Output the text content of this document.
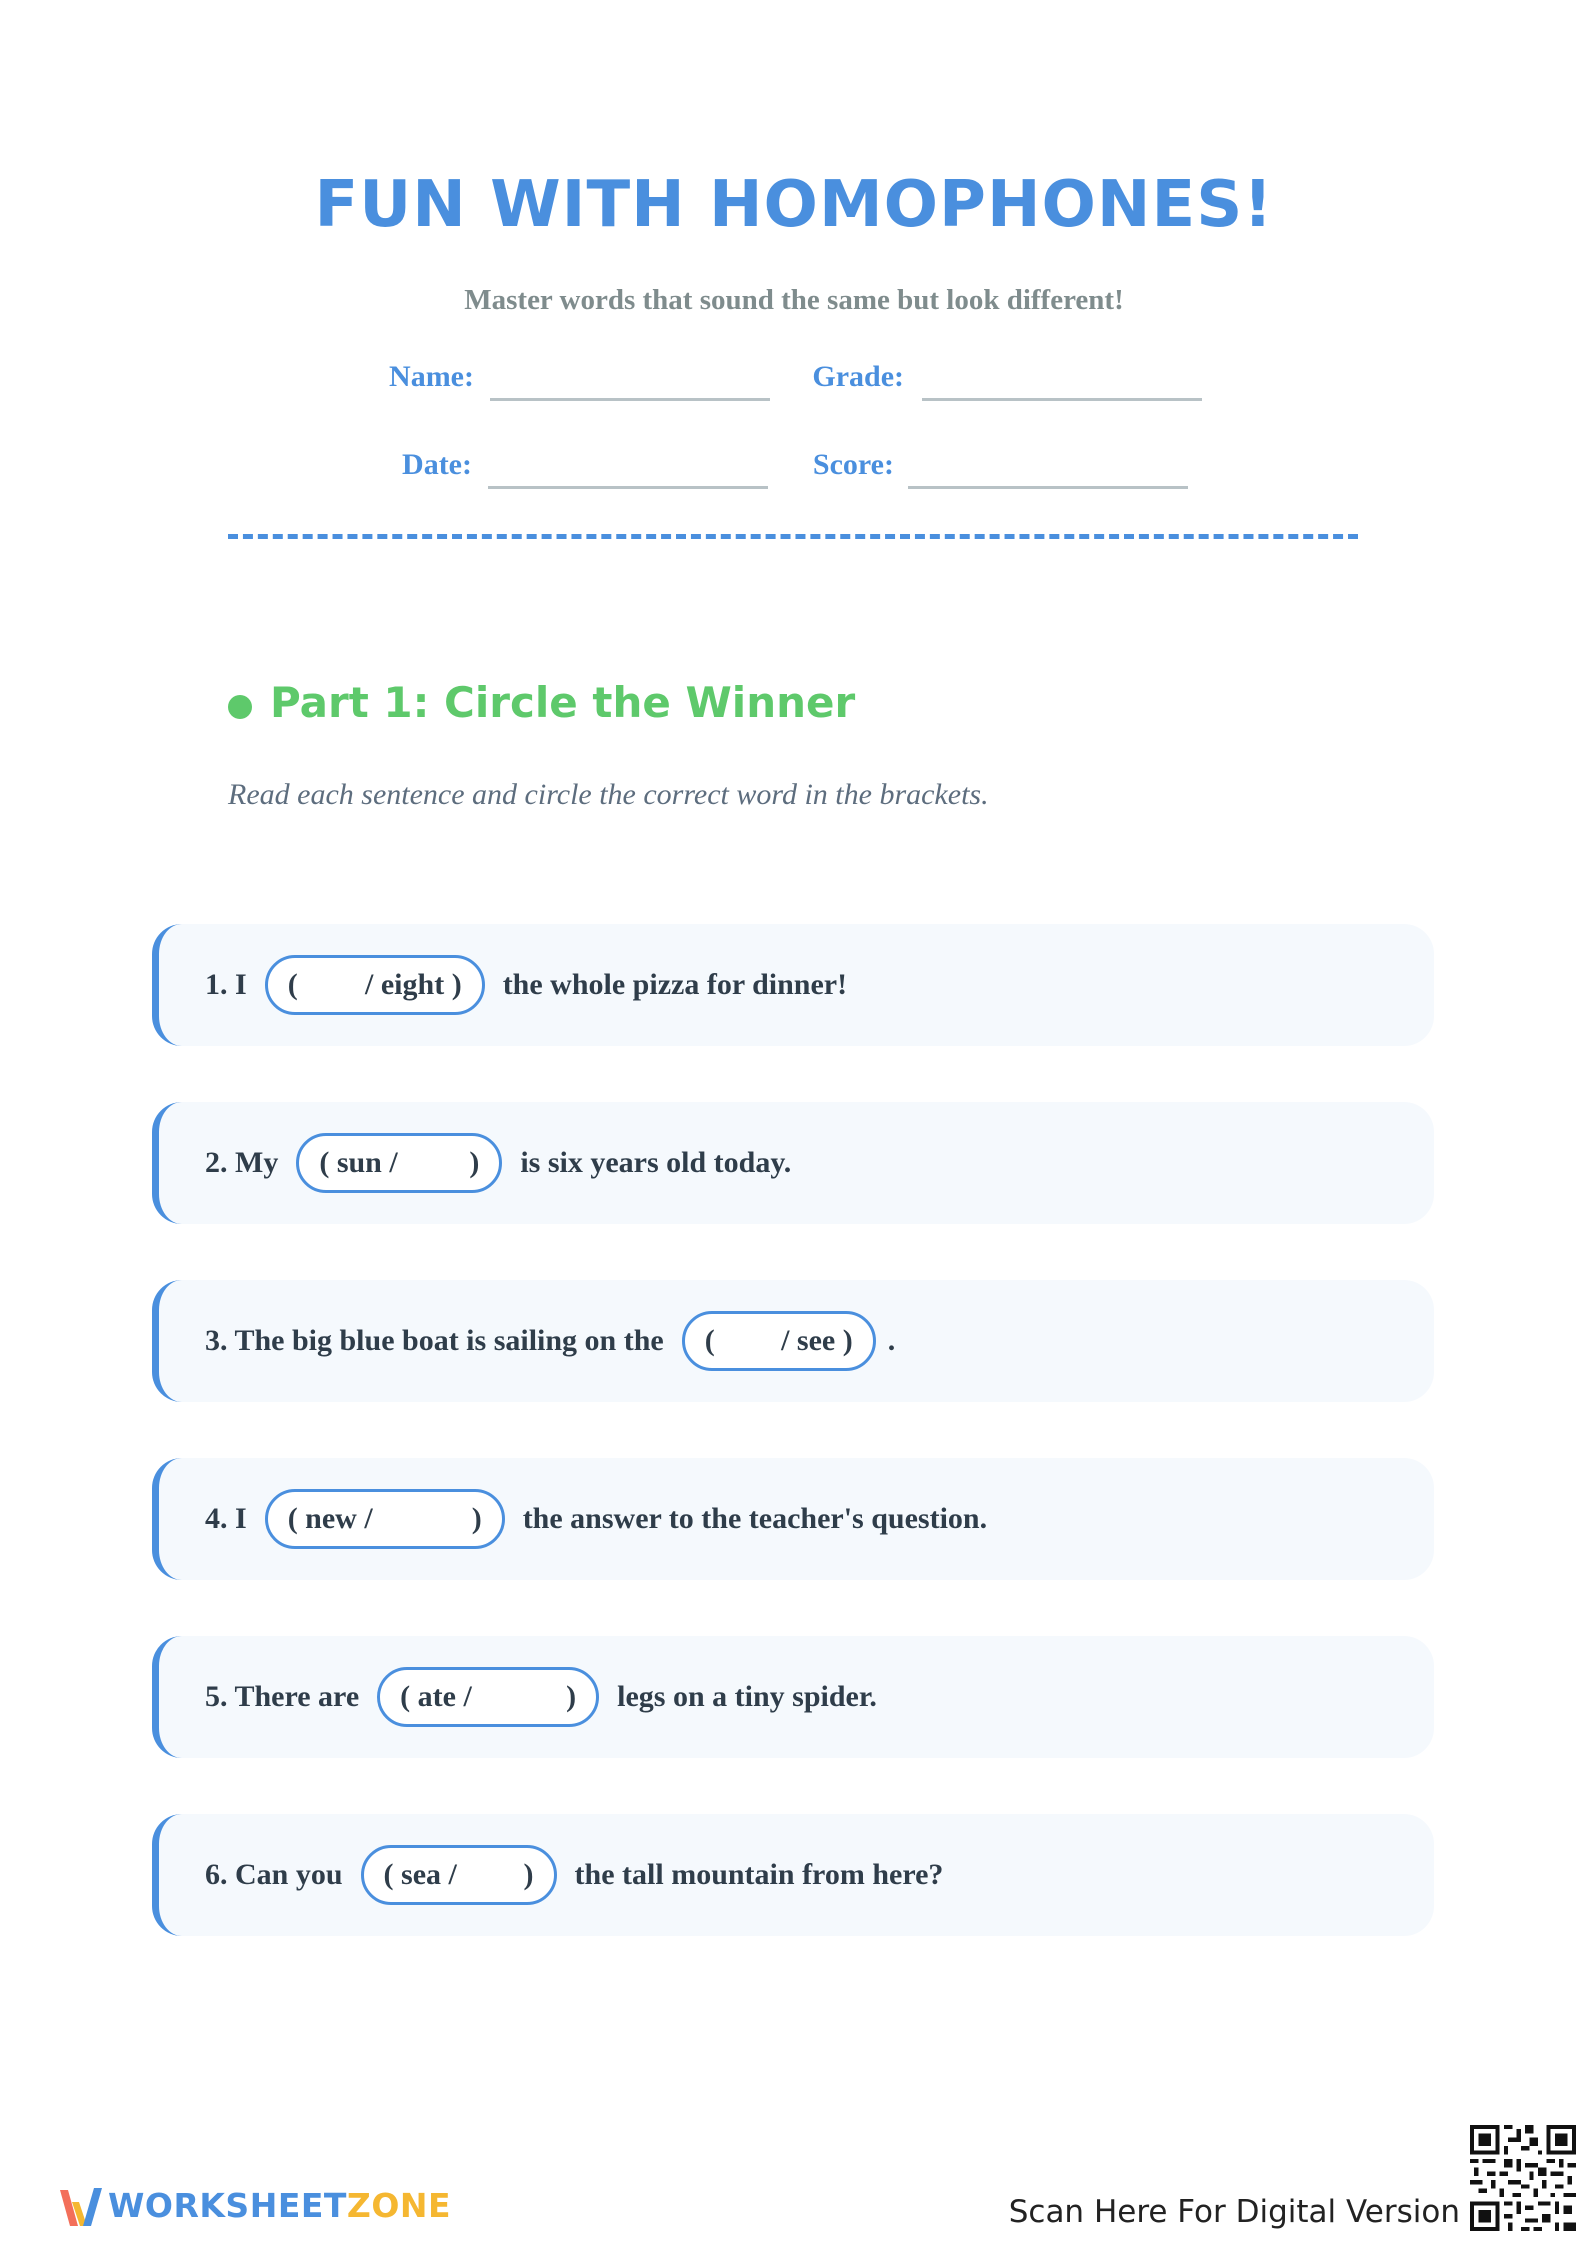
FUN WITH HOMOPHONES!
Master words that sound the same but look different!
Name:	Grade:
Date:	Score:
Part 1: Circle the Winner
Read each sentence and circle the correct word in the brackets.
1. I ( / eight ) the whole pizza for dinner!
2. My ( sun / ) is six years old today.
3. The big blue boat is sailing on the ( / see ) .
4. I ( new /	) the answer to the teacher's question.
5. There are ( ate /	) legs on a tiny spider.
6. Can you ( sea / ) the tall mountain from here?
WORKSHEETZONE	Scan Here For Digital Version
